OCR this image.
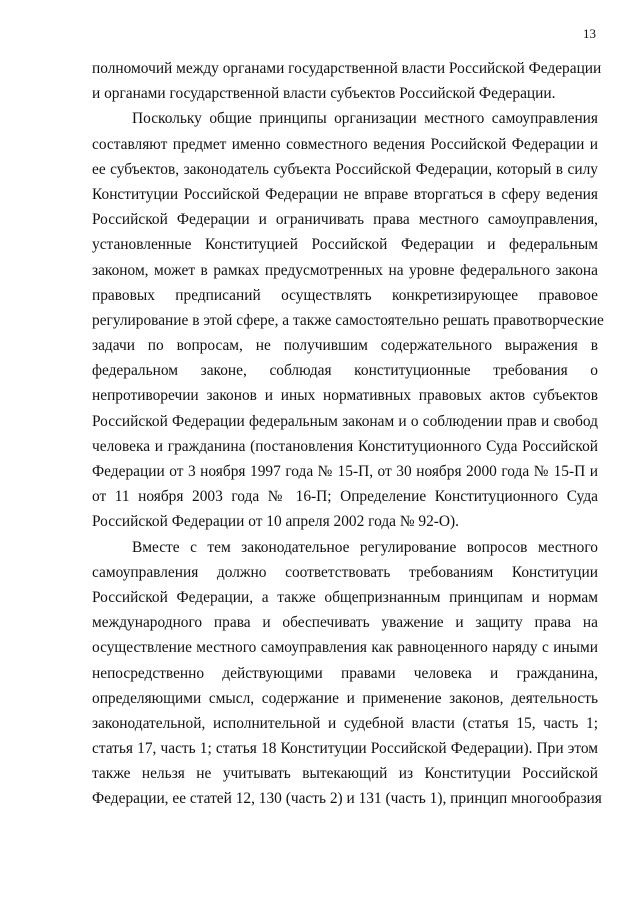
13

полномочий между органами государственной власти Российской Федерации
и органами государственной власти субъектов Российской Федерации.

Поскольку общие принципы организации местного самоуправления
составляют предмет именно совместного ведения Российской Федерации и
ее субъектов, законодатель субъекта Российской Федерации, который в силу
Конституции Российской Федерации не вправе вторгаться в сферу ведения
Российской Федерации и ограничивать права местного самоуправления,
установленные Конституцией Российской Федерации и федеральным
законом, может в рамках предусмотренных на уровне федерального закона
правовых предписаний осуществлять конкретизирующее правовое
регулирование в этой сфере, а также самостоятельно решать правотворческие
задачи по вопросам, не получившим содержательного выражения в
федеральном законе, соблюдая конституционные требования о
непротиворечии законов и иных нормативных правовых актов субъектов
Российской Федерации федеральным законам и о соблюдении прав и свобод
человека и гражданина (постановления Конституционного Суда Российской
Федерации от 3 ноября 1997 года № 15-П, от 30 ноября 2000 года № 15-П и
от 11 ноября 2003 года № 16-П; Определение Конституционного Суда
Российской Федерации от 10 апреля 2002 года № 92-О).

Вместе с тем законодательное регулирование вопросов местного
самоуправления должно соответствовать требованиям Конституции
Российской Федерации, а также общепризнанным принципам и нормам
международного права и обеспечивать уважение и защиту права на
осуществление местного самоуправления как равноценного наряду с иными
непосредственно действующими правами человека и гражданина,
определяющими смысл, содержание и применение законов, деятельность
законодательной, исполнительной и судебной власти (статья 15, часть 1;
статья 17, часть 1; статья 18 Конституции Российской Федерации). При этом
также нельзя не учитывать вытекающий из Конституции Российской
Федерации, ее статей 12, 130 (часть 2) и 131 (часть 1), принцип многообразия
